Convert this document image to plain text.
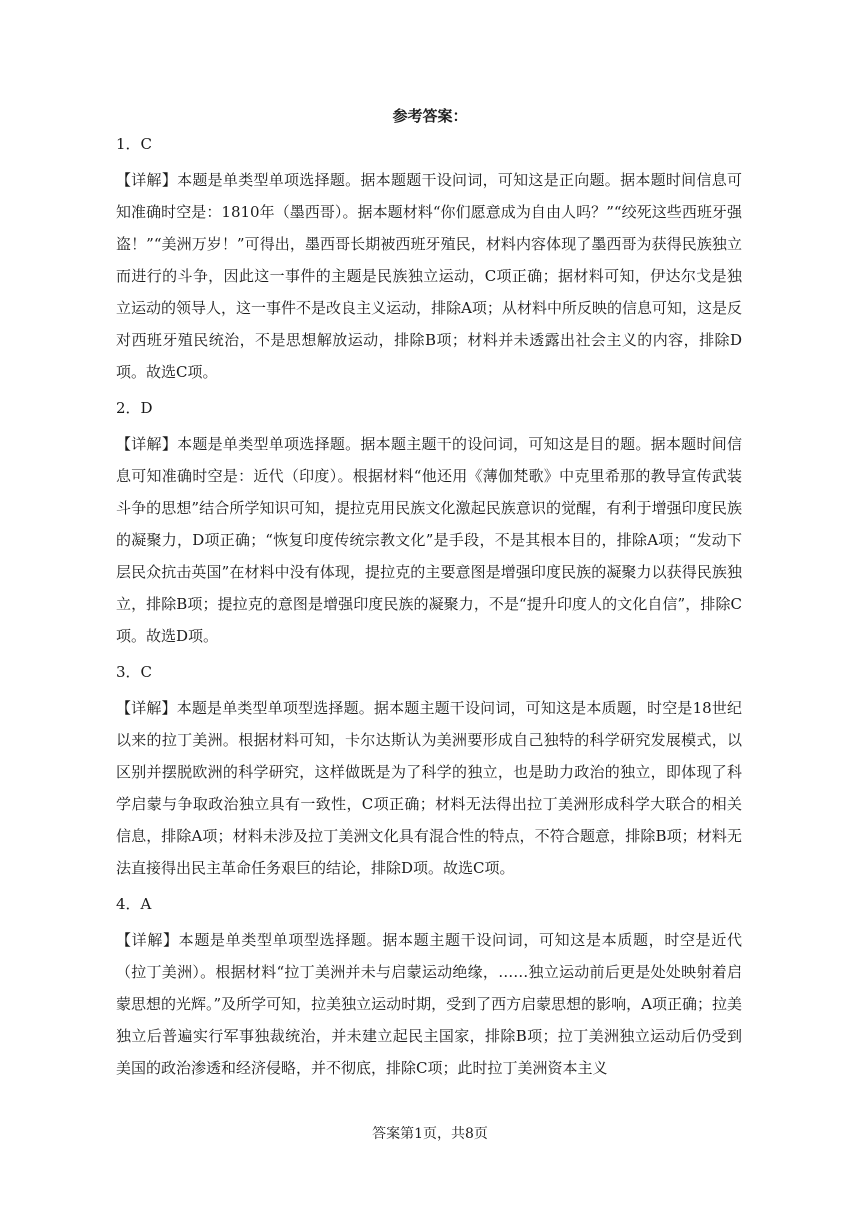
参考答案：
1．C
【详解】本题是单类型单项选择题。据本题题干设问词，可知这是正向题。据本题时间信息可知准确时空是：1810年（墨西哥）。据本题材料“你们愿意成为自由人吗？”“绞死这些西班牙强盗！”“美洲万岁！”可得出，墨西哥长期被西班牙殖民，材料内容体现了墨西哥为获得民族独立而进行的斗争，因此这一事件的主题是民族独立运动，C项正确；据材料可知，伊达尔戈是独立运动的领导人，这一事件不是改良主义运动，排除A项；从材料中所反映的信息可知，这是反对西班牙殖民统治，不是思想解放运动，排除B项；材料并未透露出社会主义的内容，排除D项。故选C项。
2．D
【详解】本题是单类型单项选择题。据本题主题干的设问词，可知这是目的题。据本题时间信息可知准确时空是：近代（印度）。根据材料“他还用《薄伽梵歌》中克里希那的教导宣传武装斗争的思想”结合所学知识可知，提拉克用民族文化激起民族意识的觉醒，有利于增强印度民族的凝聚力，D项正确；“恢复印度传统宗教文化”是手段，不是其根本目的，排除A项；“发动下层民众抗击英国”在材料中没有体现，提拉克的主要意图是增强印度民族的凝聚力以获得民族独立，排除B项；提拉克的意图是增强印度民族的凝聚力，不是“提升印度人的文化自信”，排除C项。故选D项。
3．C
【详解】本题是单类型单项型选择题。据本题主题干设问词，可知这是本质题，时空是18世纪以来的拉丁美洲。根据材料可知，卡尔达斯认为美洲要形成自己独特的科学研究发展模式，以区别并摆脱欧洲的科学研究，这样做既是为了科学的独立，也是助力政治的独立，即体现了科学启蒙与争取政治独立具有一致性，C项正确；材料无法得出拉丁美洲形成科学大联合的相关信息，排除A项；材料未涉及拉丁美洲文化具有混合性的特点，不符合题意，排除B项；材料无法直接得出民主革命任务艰巨的结论，排除D项。故选C项。
4．A
【详解】本题是单类型单项型选择题。据本题主题干设问词，可知这是本质题，时空是近代（拉丁美洲）。根据材料“拉丁美洲并未与启蒙运动绝缘，……独立运动前后更是处处映射着启蒙思想的光辉。”及所学可知，拉美独立运动时期，受到了西方启蒙思想的影响，A项正确；拉美独立后普遍实行军事独裁统治，并未建立起民主国家，排除B项；拉丁美洲独立运动后仍受到美国的政治渗透和经济侵略，并不彻底，排除C项；此时拉丁美洲资本主义
答案第1页，共8页
